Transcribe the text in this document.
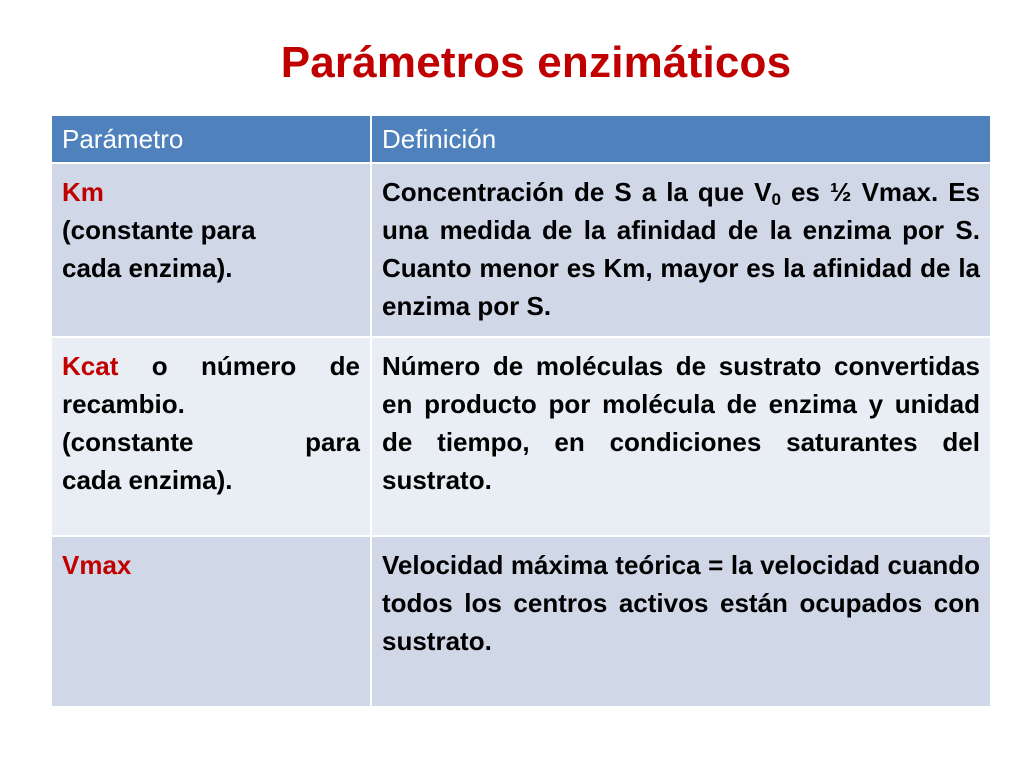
Parámetros enzimáticos
Parámetro	Definición

Km
(constante para
cada enzima).	Concentración de S a la que $V_0$ es ½ Vmax. Es una medida de la afinidad de la enzima por S. Cuanto menor es Km, mayor es la afinidad de la enzima por S.

Kcat o número de recambio.
(constante para
cada enzima).	Número de moléculas de sustrato convertidas en producto por molécula de enzima y unidad de tiempo, en condiciones saturantes del sustrato.

Vmax	Velocidad máxima teórica = la velocidad cuando todos los centros activos están ocupados con sustrato.
